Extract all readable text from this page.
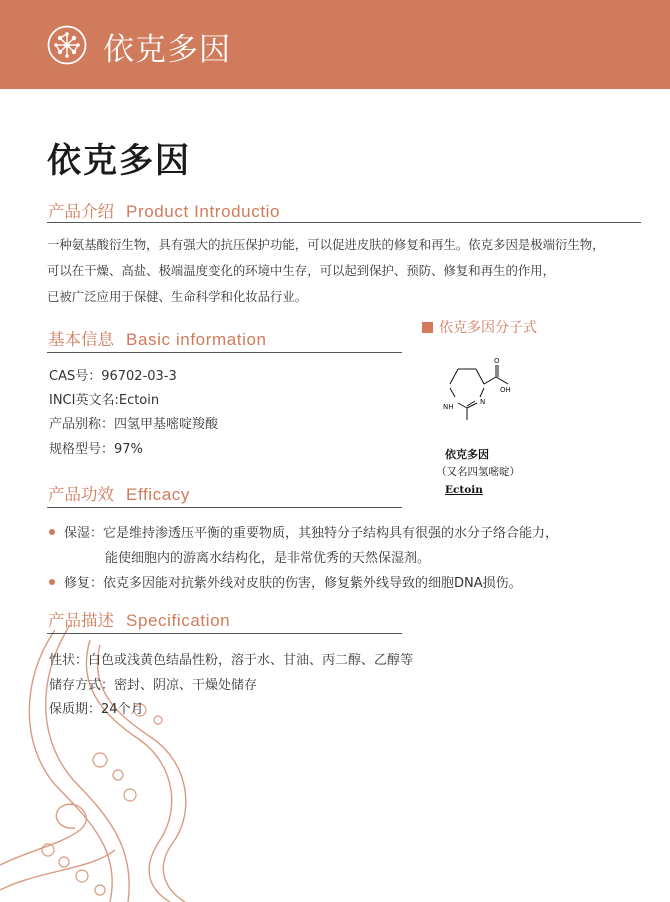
依克多因
依克多因
产品介绍 Product Introductio
一种氨基酸衍生物，具有强大的抗压保护功能，可以促进皮肤的修复和再生。依克多因是极端衍生物，
可以在干燥、高盐、极端温度变化的环境中生存，可以起到保护、预防、修复和再生的作用，
已被广泛应用于保健、生命科学和化妆品行业。
基本信息 Basic information
CAS号：96702-03-3
INCI英文名:Ectoin
产品别称：四氢甲基嘧啶羧酸
规格型号：97%
依克多因分子式
OH
O
NH
N
依克多因
（又名四氢嘧啶）
Ectoin
产品功效 Efficacy
保湿：它是维持渗透压平衡的重要物质，其独特分子结构具有很强的水分子络合能力，
能使细胞内的游离水结构化，是非常优秀的天然保湿剂。
修复：依克多因能对抗紫外线对皮肤的伤害，修复紫外线导致的细胞DNA损伤。
产品描述 Specification
性状：白色或浅黄色结晶性粉，溶于水、甘油、丙二醇、乙醇等
储存方式：密封、阴凉、干燥处储存
保质期：24个月
